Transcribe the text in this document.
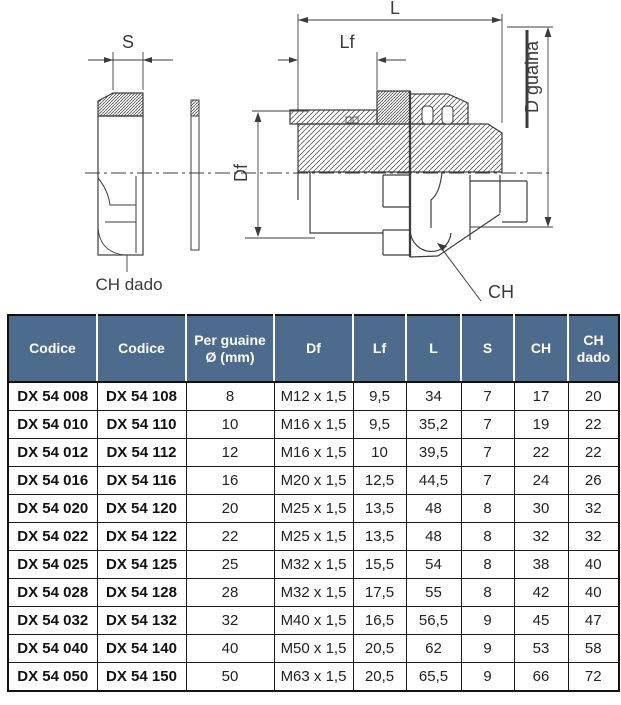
S
CH dado
L
Lf
Df
D guaina
CH
Codice	Codice	Per guaine Ø (mm)	Df	Lf	L	S	CH	CH dado
DX 54 008	DX 54 108	8	M12 x 1,5	9,5	34	7	17	20
DX 54 010	DX 54 110	10	M16 x 1,5	9,5	35,2	7	19	22
DX 54 012	DX 54 112	12	M16 x 1,5	10	39,5	7	22	22
DX 54 016	DX 54 116	16	M20 x 1,5	12,5	44,5	7	24	26
DX 54 020	DX 54 120	20	M25 x 1,5	13,5	48	8	30	32
DX 54 022	DX 54 122	22	M25 x 1,5	13,5	48	8	32	32
DX 54 025	DX 54 125	25	M32 x 1,5	15,5	54	8	38	40
DX 54 028	DX 54 128	28	M32 x 1,5	17,5	55	8	42	40
DX 54 032	DX 54 132	32	M40 x 1,5	16,5	56,5	9	45	47
DX 54 040	DX 54 140	40	M50 x 1,5	20,5	62	9	53	58
DX 54 050	DX 54 150	50	M63 x 1,5	20,5	65,5	9	66	72
